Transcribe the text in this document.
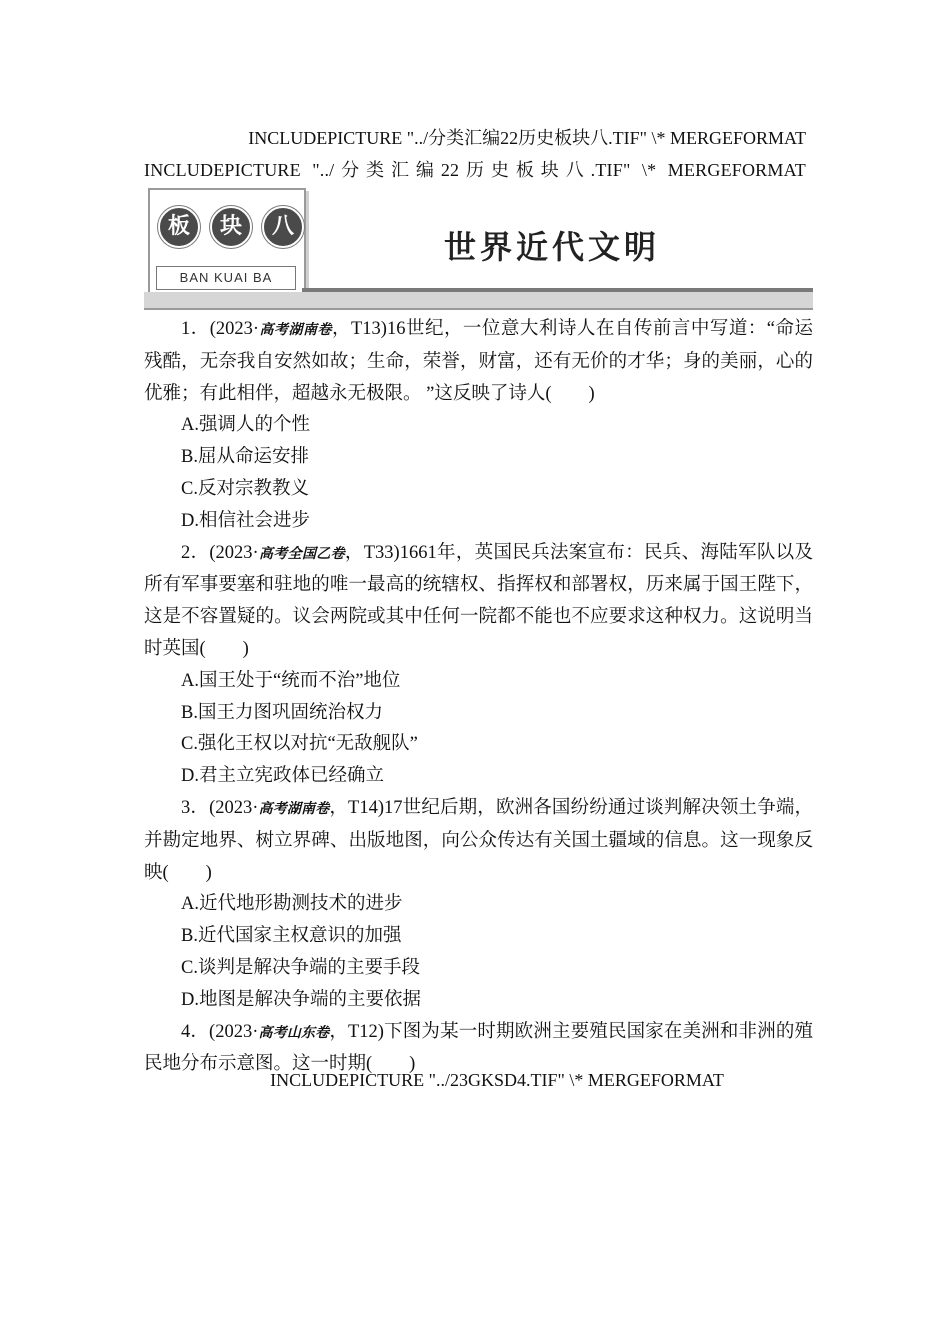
INCLUDEPICTURE "../分类汇编22历史板块八.TIF" \* MERGEFORMAT
INCLUDEPICTURE "../分类汇编22历史板块八.TIF" \* MERGEFORMAT
板	块	八
BAN KUAI BA
世界近代文明

1．(2023·高考湖南卷，T13)16世纪，一位意大利诗人在自传前言中写道：“命运残酷，无奈我自安然如故；生命，荣誉，财富，还有无价的才华；身的美丽，心的优雅；有此相伴，超越永无极限。 ”这反映了诗人(　　)

A.强调人的个性

B.屈从命运安排

C.反对宗教教义

D.相信社会进步

2．(2023·高考全国乙卷，T33)1661年，英国民兵法案宣布：民兵、海陆军队以及所有军事要塞和驻地的唯一最高的统辖权、指挥权和部署权，历来属于国王陛下，这是不容置疑的。议会两院或其中任何一院都不能也不应要求这种权力。这说明当时英国(　　)

A.国王处于“统而不治”地位

B.国王力图巩固统治权力

C.强化王权以对抗“无敌舰队”

D.君主立宪政体已经确立

3．(2023·高考湖南卷，T14)17世纪后期，欧洲各国纷纷通过谈判解决领土争端，并勘定地界、树立界碑、出版地图，向公众传达有关国土疆域的信息。这一现象反映(　　)

A.近代地形勘测技术的进步

B.近代国家主权意识的加强

C.谈判是解决争端的主要手段

D.地图是解决争端的主要依据

4．(2023·高考山东卷，T12)下图为某一时期欧洲主要殖民国家在美洲和非洲的殖民地分布示意图。这一时期(　　)

INCLUDEPICTURE "../23GKSD4.TIF" \* MERGEFORMAT
